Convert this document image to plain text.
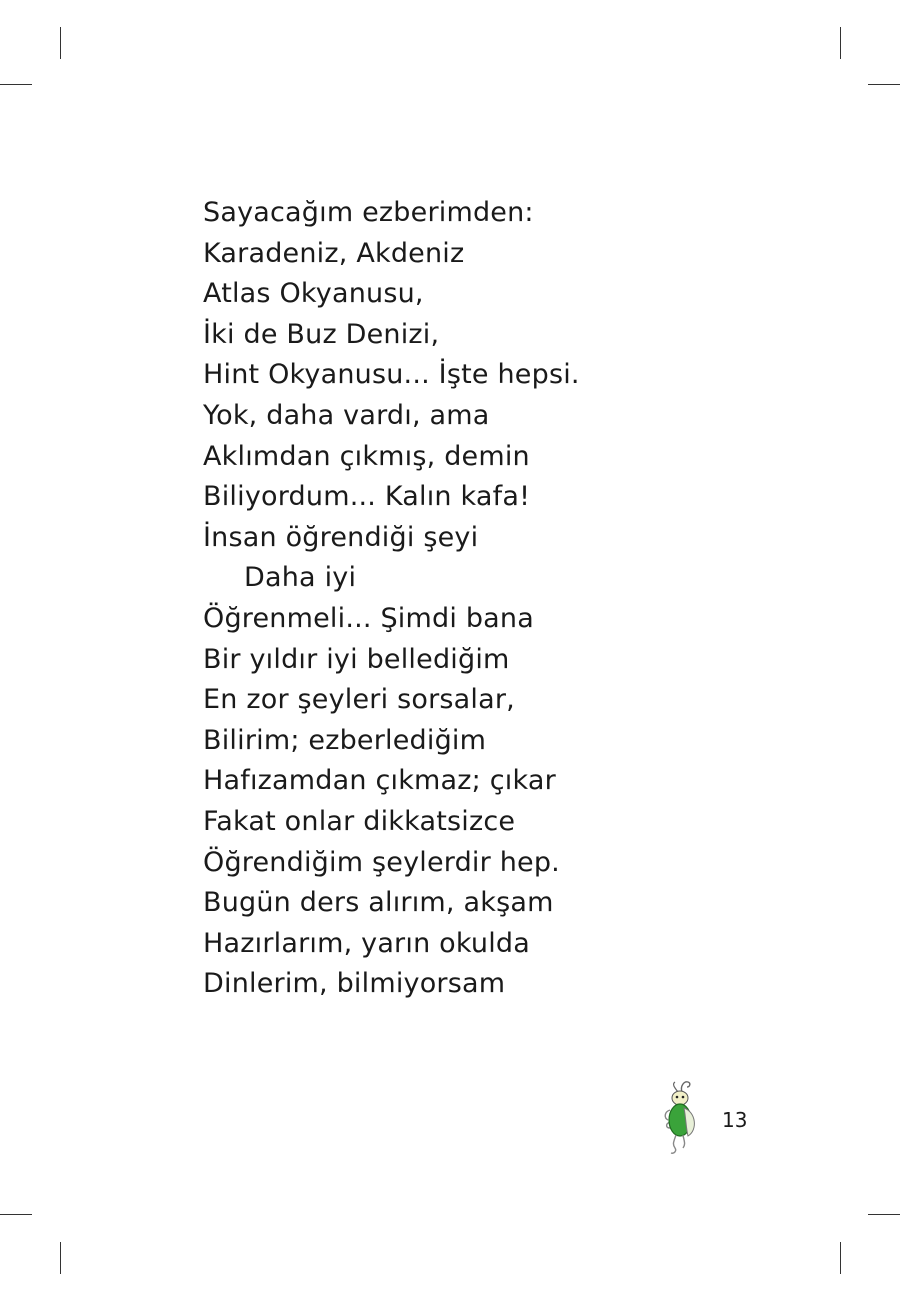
Sayacağım ezberimden:
Karadeniz, Akdeniz
Atlas Okyanusu,
İki de Buz Denizi,
Hint Okyanusu... İşte hepsi.
Yok, daha vardı, ama
Aklımdan çıkmış, demin
Biliyordum... Kalın kafa!
İnsan öğrendiği şeyi
Daha iyi
Öğrenmeli... Şimdi bana
Bir yıldır iyi bellediğim
En zor şeyleri sorsalar,
Bilirim; ezberlediğim
Hafızamdan çıkmaz; çıkar
Fakat onlar dikkatsizce
Öğrendiğim şeylerdir hep.
Bugün ders alırım, akşam
Hazırlarım, yarın okulda
Dinlerim, bilmiyorsam
13
